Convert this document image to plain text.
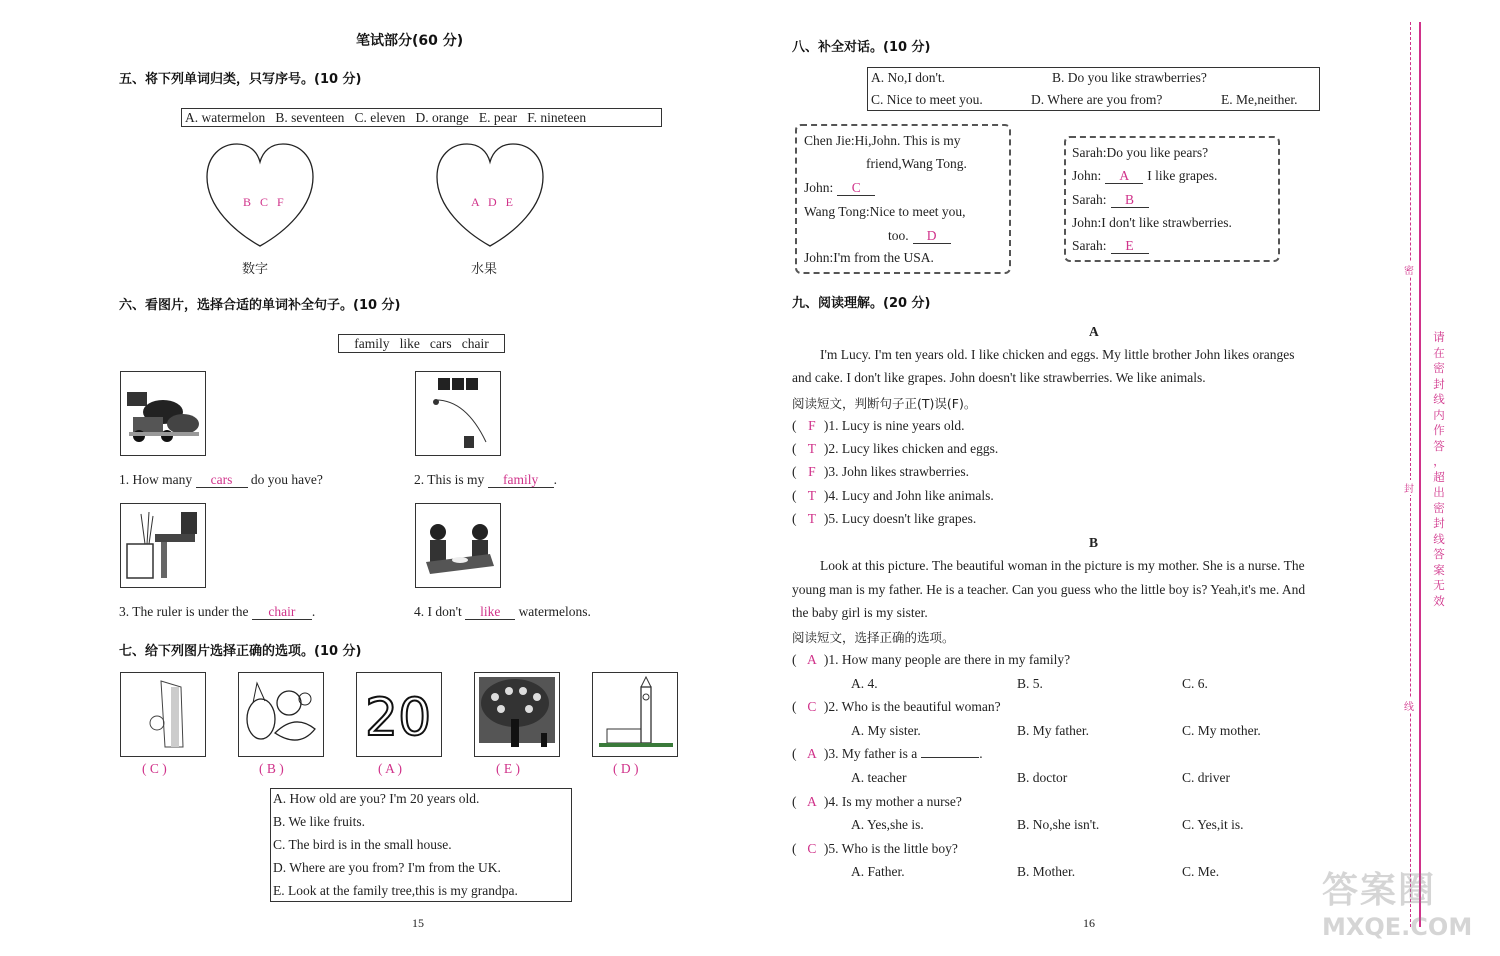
笔试部分(60 分)
五、将下列单词归类，只写序号。(10 分)
A. watermelon   B. seventeen   C. eleven   D. orange   E. pear   F. nineteen
B C F	A D E
数字	水果
六、看图片，选择合适的单词补全句子。(10 分)
family   like   cars   chair
1. How many cars do you have?	2. This is my family .
3. The ruler is under the chair .	4. I don't like watermelons.
七、给下列图片选择正确的选项。(10 分)
20
( C )	( B )	( A )	( E )	( D )
A. How old are you? I'm 20 years old.
B. We like fruits.
C. The bird is in the small house.
D. Where are you from? I'm from the UK.
E. Look at the family tree,this is my grandpa.
15
八、补全对话。(10 分)
A. No,I don't.	B. Do you like strawberries?
C. Nice to meet you.	D. Where are you from?	E. Me,neither.
Chen Jie:Hi,John. This is my
friend,Wang Tong.
John: C
Wang Tong:Nice to meet you,
too. D
John:I'm from the USA.
Sarah:Do you like pears?
John: A I like grapes.
Sarah: B
John:I don't like strawberries.
Sarah: E
九、阅读理解。(20 分)
A
I'm Lucy. I'm ten years old. I like chicken and eggs. My little brother John likes oranges
and cake. I don't like grapes. John doesn't like strawberries. We like animals.
阅读短文，判断句子正(T)误(F)。
( F )1. Lucy is nine years old.
( T )2. Lucy likes chicken and eggs.
( F )3. John likes strawberries.
( T )4. Lucy and John like animals.
( T )5. Lucy doesn't like grapes.
B
Look at this picture. The beautiful woman in the picture is my mother. She is a nurse. The
young man is my father. He is a teacher. Can you guess who the little boy is? Yeah,it's me. And
the baby girl is my sister.
阅读短文，选择正确的选项。
( A )1. How many people are there in my family?
A. 4.	B. 5.	C. 6.
( C )2. Who is the beautiful woman?
A. My sister.	B. My father.	C. My mother.
( A )3. My father is a	.
A. teacher	B. doctor	C. driver
( A )4. Is my mother a nurse?
A. Yes,she is.	B. No,she isn't.	C. Yes,it is.
( C )5. Who is the little boy?
A. Father.	B. Mother.	C. Me.
16
密
封
线
请
在
密
封
线
内
作
答
，
超
出
密
封
线
答
案
无
效
答案圈
MXQE.COM
